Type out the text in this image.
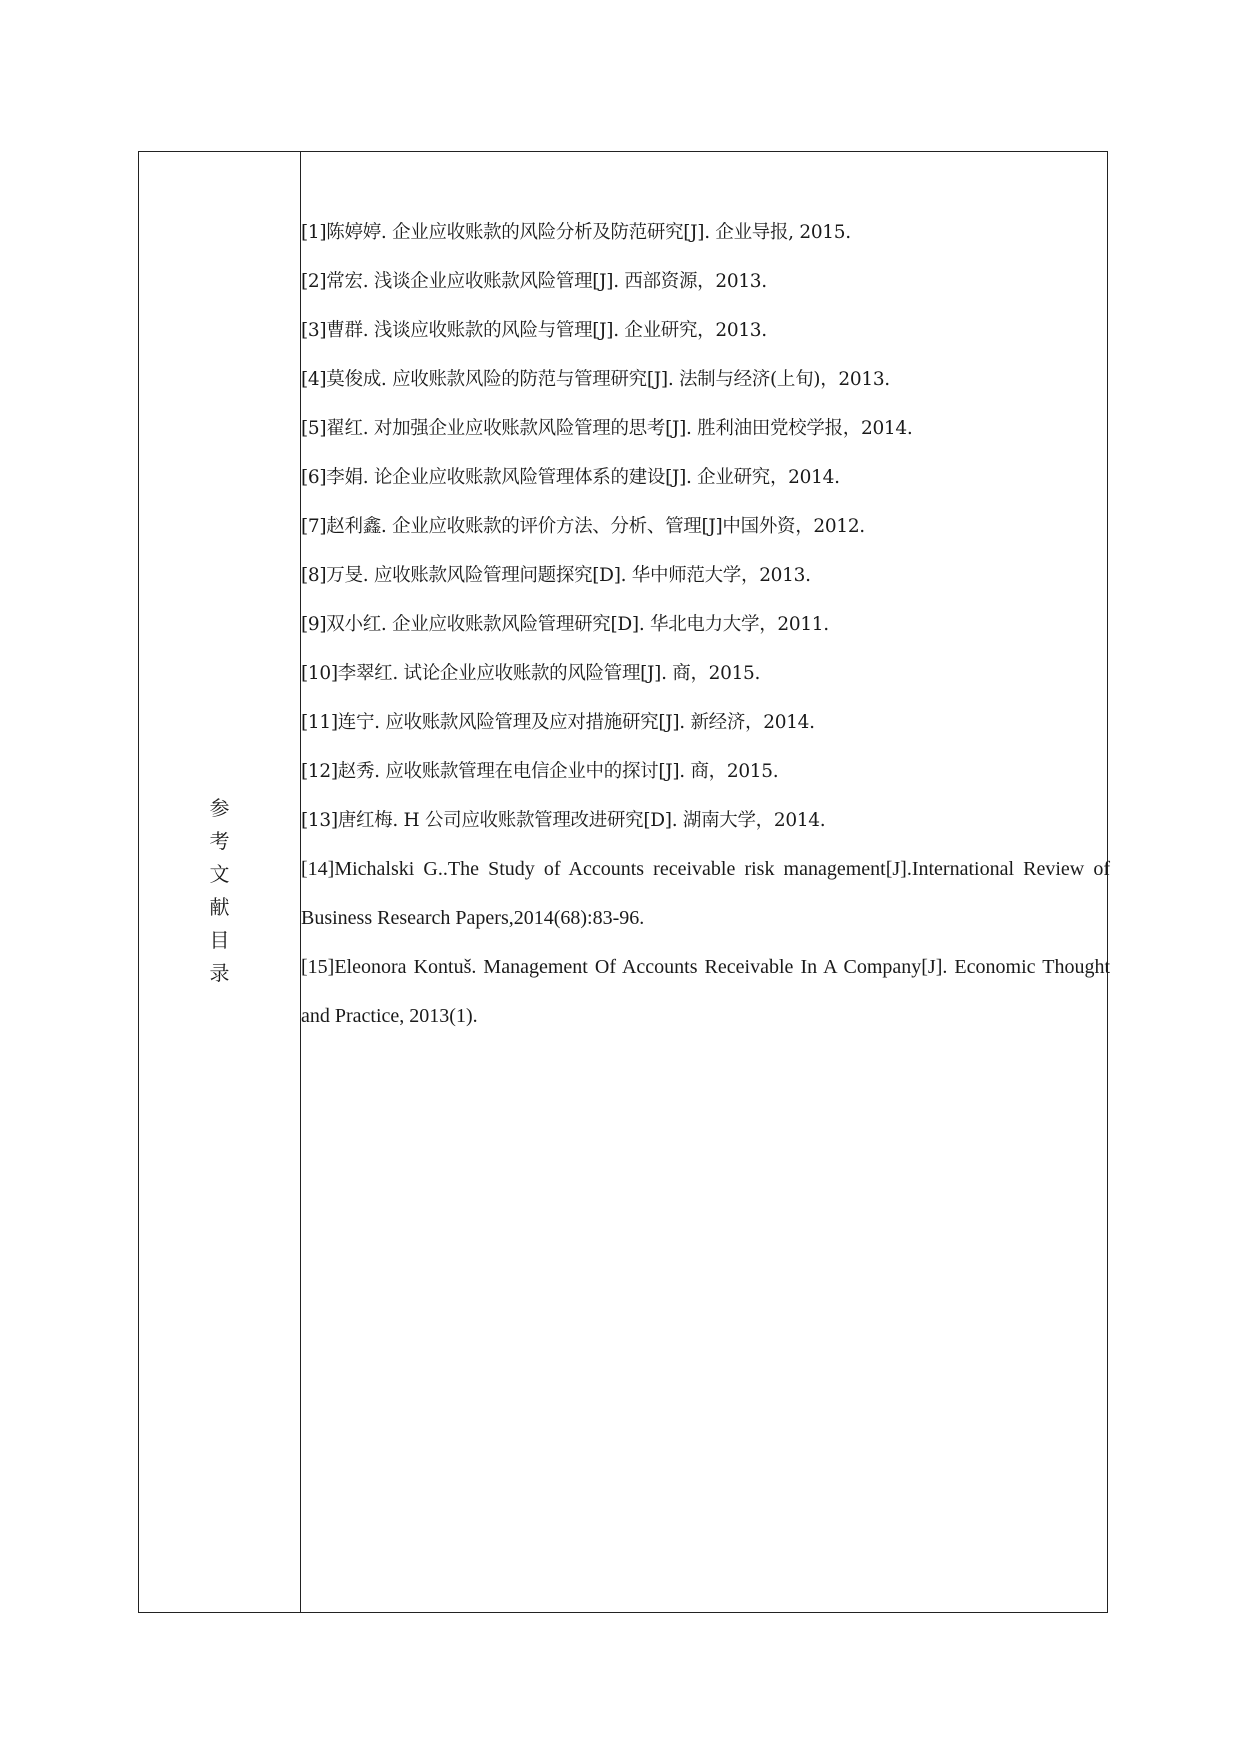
参
考
文
献
目
录
[1]陈婷婷. 企业应收账款的风险分析及防范研究[J]. 企业导报, 2015.
[2]常宏. 浅谈企业应收账款风险管理[J]. 西部资源，2013.
[3]曹群. 浅谈应收账款的风险与管理[J]. 企业研究，2013.
[4]莫俊成. 应收账款风险的防范与管理研究[J]. 法制与经济(上旬)，2013.
[5]翟红. 对加强企业应收账款风险管理的思考[J]. 胜利油田党校学报，2014.
[6]李娟. 论企业应收账款风险管理体系的建设[J]. 企业研究，2014.
[7]赵利鑫. 企业应收账款的评价方法、分析、管理[J]中国外资，2012.
[8]万旻. 应收账款风险管理问题探究[D]. 华中师范大学，2013.
[9]双小红. 企业应收账款风险管理研究[D]. 华北电力大学，2011.
[10]李翠红. 试论企业应收账款的风险管理[J]. 商，2015.
[11]连宁. 应收账款风险管理及应对措施研究[J]. 新经济，2014.
[12]赵秀. 应收账款管理在电信企业中的探讨[J]. 商，2015.
[13]唐红梅. H 公司应收账款管理改进研究[D]. 湖南大学，2014.
[14]Michalski G..The Study of Accounts receivable risk management[J].International Review of Business Research Papers,2014(68):83-96.
[15]Eleonora Kontuš. Management Of Accounts Receivable In A Company[J]. Economic Thought and Practice, 2013(1).
